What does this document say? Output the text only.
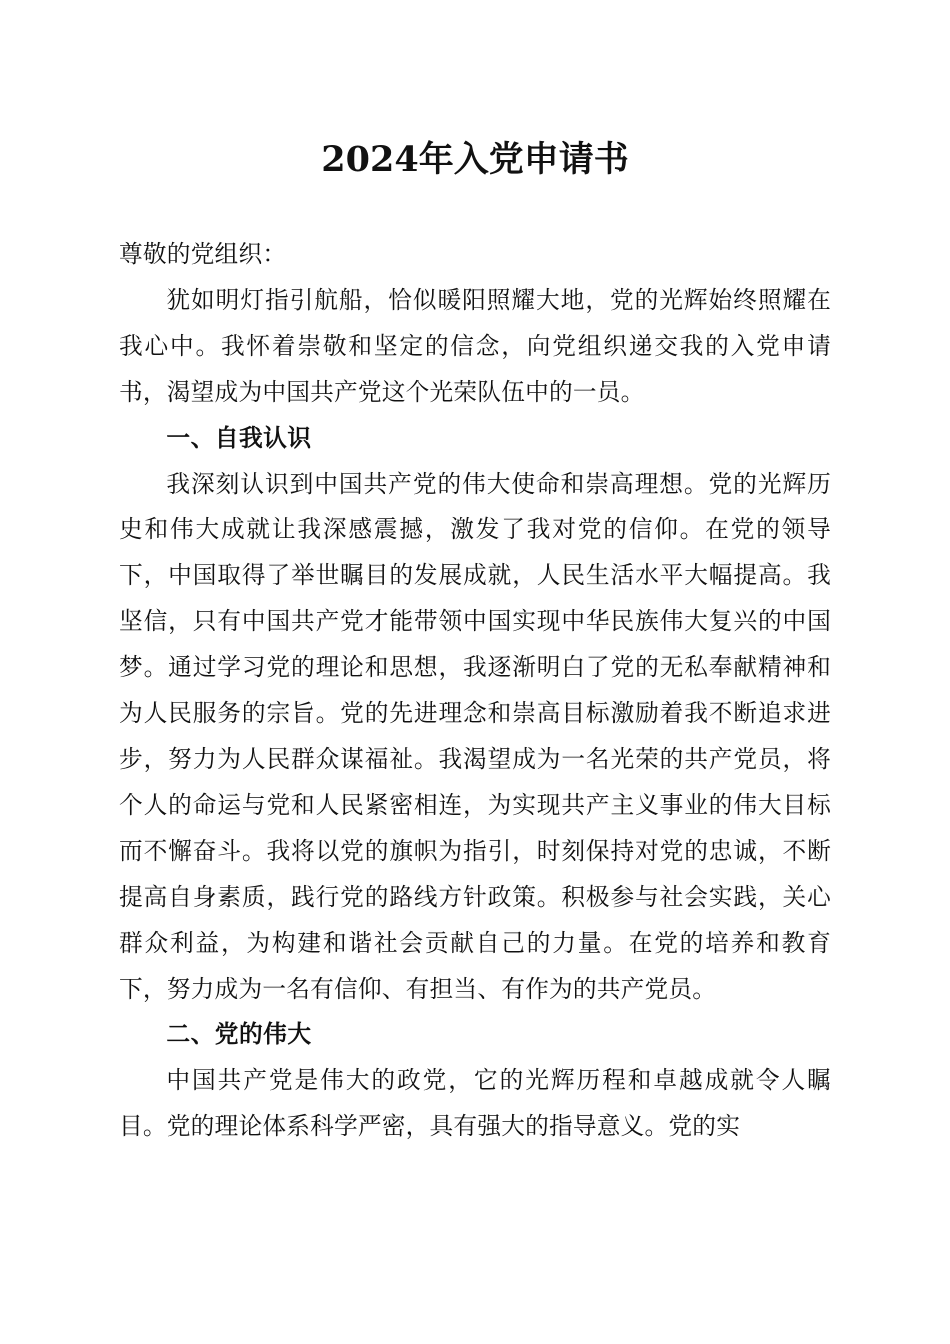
2024年入党申请书

尊敬的党组织：

犹如明灯指引航船，恰似暖阳照耀大地，党的光辉始终照耀在我心中。我怀着崇敬和坚定的信念，向党组织递交我的入党申请书，渴望成为中国共产党这个光荣队伍中的一员。

一、自我认识

我深刻认识到中国共产党的伟大使命和崇高理想。党的光辉历史和伟大成就让我深感震撼，激发了我对党的信仰。在党的领导下，中国取得了举世瞩目的发展成就，人民生活水平大幅提高。我坚信，只有中国共产党才能带领中国实现中华民族伟大复兴的中国梦。通过学习党的理论和思想，我逐渐明白了党的无私奉献精神和为人民服务的宗旨。党的先进理念和崇高目标激励着我不断追求进步，努力为人民群众谋福祉。我渴望成为一名光荣的共产党员，将个人的命运与党和人民紧密相连，为实现共产主义事业的伟大目标而不懈奋斗。我将以党的旗帜为指引，时刻保持对党的忠诚，不断提高自身素质，践行党的路线方针政策。积极参与社会实践，关心群众利益，为构建和谐社会贡献自己的力量。在党的培养和教育下，努力成为一名有信仰、有担当、有作为的共产党员。

二、党的伟大

中国共产党是伟大的政党，它的光辉历程和卓越成就令人瞩目。党的理论体系科学严密，具有强大的指导意义。党的实
